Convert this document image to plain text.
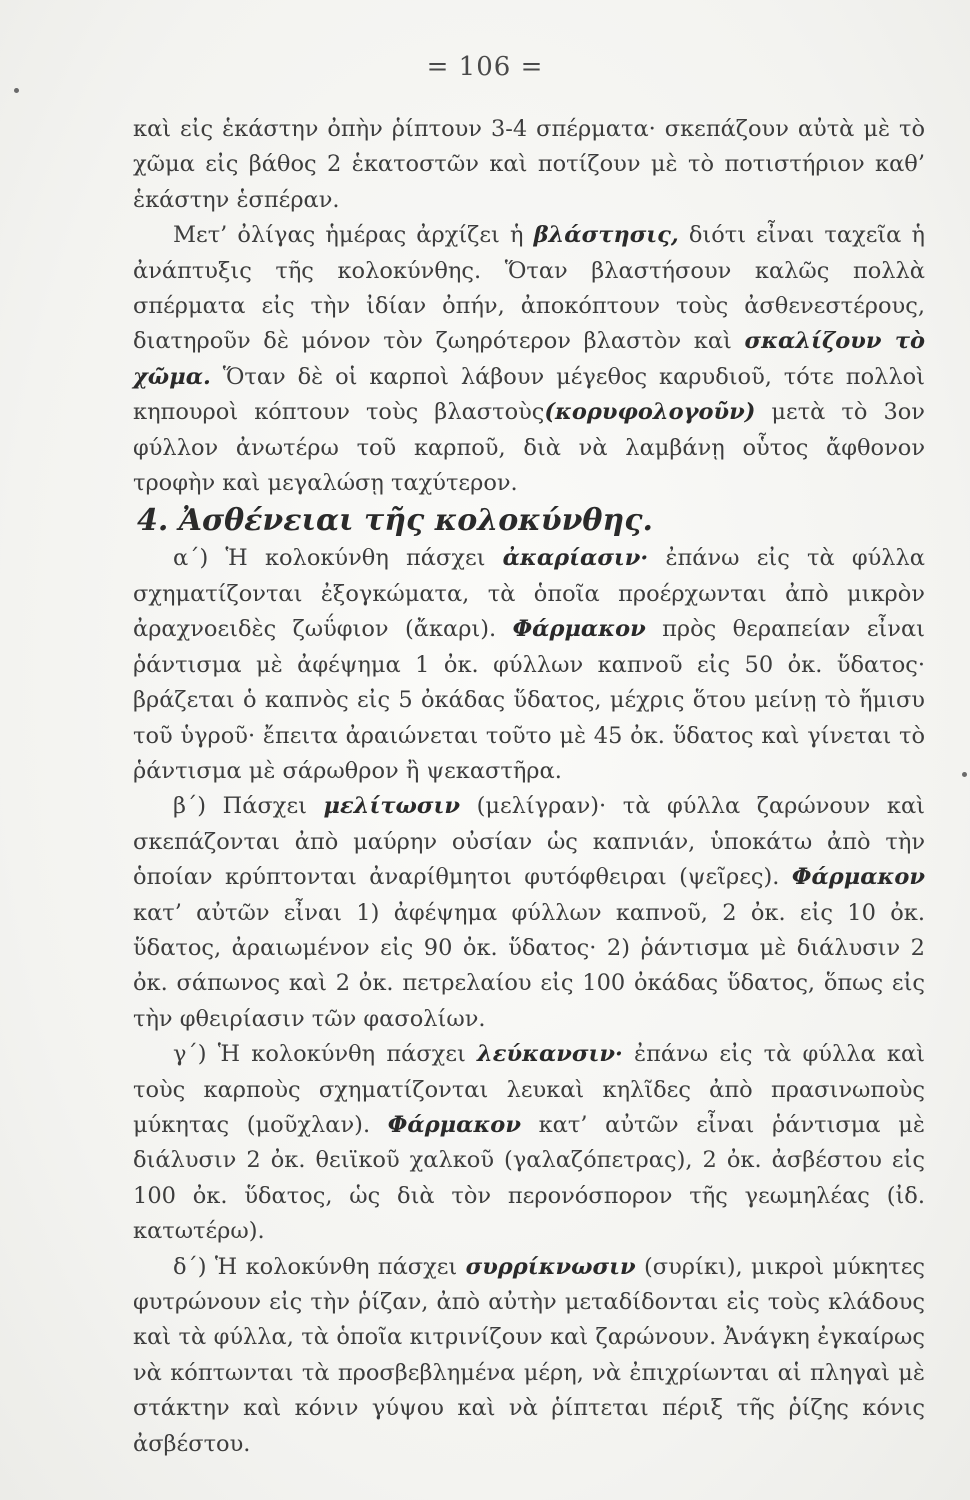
= 106 =

καὶ εἰς ἑκάστην ὀπὴν ῥίπτουν 3-4 σπέρματα· σκεπάζουν αὐτὰ μὲ τὸ χῶμα εἰς βάθος 2 ἑκατοστῶν καὶ ποτίζουν μὲ τὸ ποτιστήριον καθ’ ἑκάστην ἑσπέραν.

Μετ’ ὀλίγας ἡμέρας ἀρχίζει ἡ βλάστησις, διότι εἶναι ταχεῖα ἡ ἀνάπτυξις τῆς κολοκύνθης. Ὅταν βλαστήσουν καλῶς πολλὰ σπέρματα εἰς τὴν ἰδίαν ὀπήν, ἀποκόπτουν τοὺς ἀσθενεστέρους, διατηροῦν δὲ μόνον τὸν ζωηρότερον βλαστὸν καὶ σκαλίζουν τὸ χῶμα. Ὅταν δὲ οἱ καρποὶ λάβουν μέγεθος καρυδιοῦ, τότε πολλοὶ κηπουροὶ κόπτουν τοὺς βλαστοὺς(κορυφολογοῦν) μετὰ τὸ 3ον φύλλον ἀνωτέρω τοῦ καρποῦ, διὰ νὰ λαμβάνῃ οὗτος ἄφθονον τροφὴν καὶ μεγαλώσῃ ταχύτερον.

4. Ἀσθένειαι τῆς κολοκύνθης.

α΄) Ἡ κολοκύνθη πάσχει ἀκαρίασιν· ἐπάνω εἰς τὰ φύλλα σχηματίζονται ἐξογκώματα, τὰ ὁποῖα προέρχωνται ἀπὸ μικρὸν ἀραχνοειδὲς ζωΰφιον (ἄκαρι). Φάρμακον πρὸς θεραπείαν εἶναι ῥάντισμα μὲ ἀφέψημα 1 ὀκ. φύλλων καπνοῦ εἰς 50 ὀκ. ὕδατος· βράζεται ὁ καπνὸς εἰς 5 ὀκάδας ὕδατος, μέχρις ὅτου μείνῃ τὸ ἥμισυ τοῦ ὑγροῦ· ἔπειτα ἀραιώνεται τοῦτο μὲ 45 ὀκ. ὕδατος καὶ γίνεται τὸ ῥάντισμα μὲ σάρωθρον ἢ ψεκαστῆρα.

β΄) Πάσχει μελίτωσιν (μελίγραν)· τὰ φύλλα ζαρώνουν καὶ σκεπάζονται ἀπὸ μαύρην οὐσίαν ὡς καπνιάν, ὑποκάτω ἀπὸ τὴν ὁποίαν κρύπτονται ἀναρίθμητοι φυτόφθειραι (ψεῖρες). Φάρμακον κατ’ αὐτῶν εἶναι 1) ἀφέψημα φύλλων καπνοῦ, 2 ὀκ. εἰς 10 ὀκ. ὕδατος, ἀραιωμένον εἰς 90 ὀκ. ὕδατος· 2) ῥάντισμα μὲ διάλυσιν 2 ὀκ. σάπωνος καὶ 2 ὀκ. πετρελαίου εἰς 100 ὀκάδας ὕδατος, ὅπως εἰς τὴν φθειρίασιν τῶν φασολίων.

γ΄) Ἡ κολοκύνθη πάσχει λεύκανσιν· ἐπάνω εἰς τὰ φύλλα καὶ τοὺς καρποὺς σχηματίζονται λευκαὶ κηλῖδες ἀπὸ πρασινωποὺς μύκητας (μοῦχλαν). Φάρμακον κατ’ αὐτῶν εἶναι ῥάντισμα μὲ διάλυσιν 2 ὀκ. θειϊκοῦ χαλκοῦ (γαλαζόπετρας), 2 ὀκ. ἀσβέστου εἰς 100 ὀκ. ὕδατος, ὡς διὰ τὸν περονόσπορον τῆς γεωμηλέας (ἰδ. κατωτέρω).

δ΄) Ἡ κολοκύνθη πάσχει συρρίκνωσιν (συρίκι), μικροὶ μύκητες φυτρώνουν εἰς τὴν ῥίζαν, ἀπὸ αὐτὴν μεταδίδονται εἰς τοὺς κλάδους καὶ τὰ φύλλα, τὰ ὁποῖα κιτρινίζουν καὶ ζαρώνουν. Ἀνάγκη ἐγκαίρως νὰ κόπτωνται τὰ προσβεβλημένα μέρη, νὰ ἐπιχρίωνται αἱ πληγαὶ μὲ στάκτην καὶ κόνιν γύψου καὶ νὰ ῥίπτεται πέριξ τῆς ῥίζης κόνις ἀσβέστου.
